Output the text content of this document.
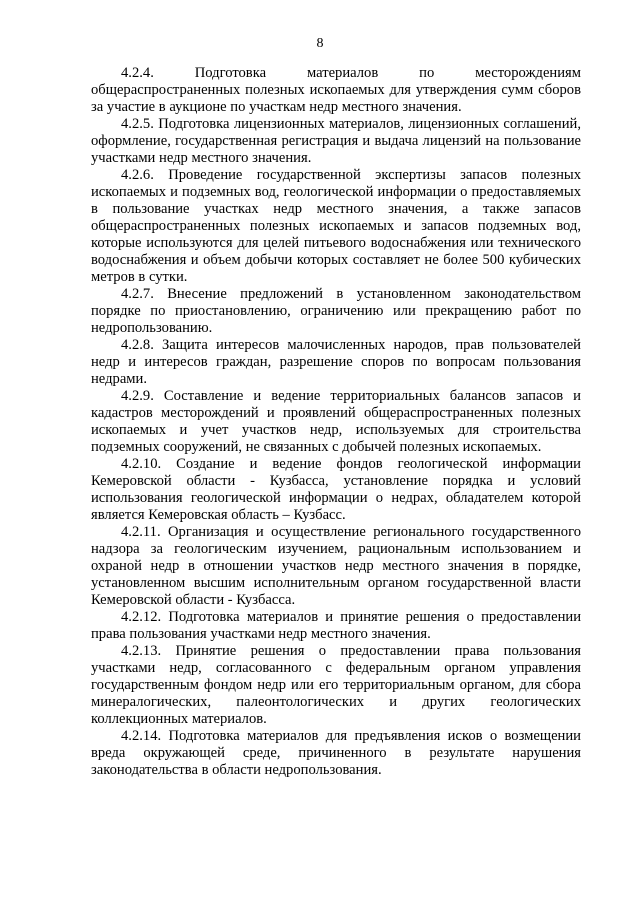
8

4.2.4. Подготовка материалов по месторождениям общераспространенных полезных ископаемых для утверждения сумм сборов за участие в аукционе по участкам недр местного значения.

4.2.5. Подготовка лицензионных материалов, лицензионных соглашений, оформление, государственная регистрация и выдача лицензий на пользование участками недр местного значения.

4.2.6. Проведение государственной экспертизы запасов полезных ископаемых и подземных вод, геологической информации о предоставляемых в пользование участках недр местного значения, а также запасов общераспространенных полезных ископаемых и запасов подземных вод, которые используются для целей питьевого водоснабжения или технического водоснабжения и объем добычи которых составляет не более 500 кубических метров в сутки.

4.2.7. Внесение предложений в установленном законодательством порядке по приостановлению, ограничению или прекращению работ по недропользованию.

4.2.8. Защита интересов малочисленных народов, прав пользователей недр и интересов граждан, разрешение споров по вопросам пользования недрами.

4.2.9. Составление и ведение территориальных балансов запасов и кадастров месторождений и проявлений общераспространенных полезных ископаемых и учет участков недр, используемых для строительства подземных сооружений, не связанных с добычей полезных ископаемых.

4.2.10. Создание и ведение фондов геологической информации Кемеровской области - Кузбасса, установление порядка и условий использования геологической информации о недрах, обладателем которой является Кемеровская область – Кузбасс.

4.2.11. Организация и осуществление регионального государственного надзора за геологическим изучением, рациональным использованием и охраной недр в отношении участков недр местного значения в порядке, установленном высшим исполнительным органом государственной власти Кемеровской области - Кузбасса.

4.2.12. Подготовка материалов и принятие решения о предоставлении права пользования участками недр местного значения.

4.2.13. Принятие решения о предоставлении права пользования участками недр, согласованного с федеральным органом управления государственным фондом недр или его территориальным органом, для сбора минералогических, палеонтологических и других геологических коллекционных материалов.

4.2.14. Подготовка материалов для предъявления исков о возмещении вреда окружающей среде, причиненного в результате нарушения законодательства в области недропользования.
